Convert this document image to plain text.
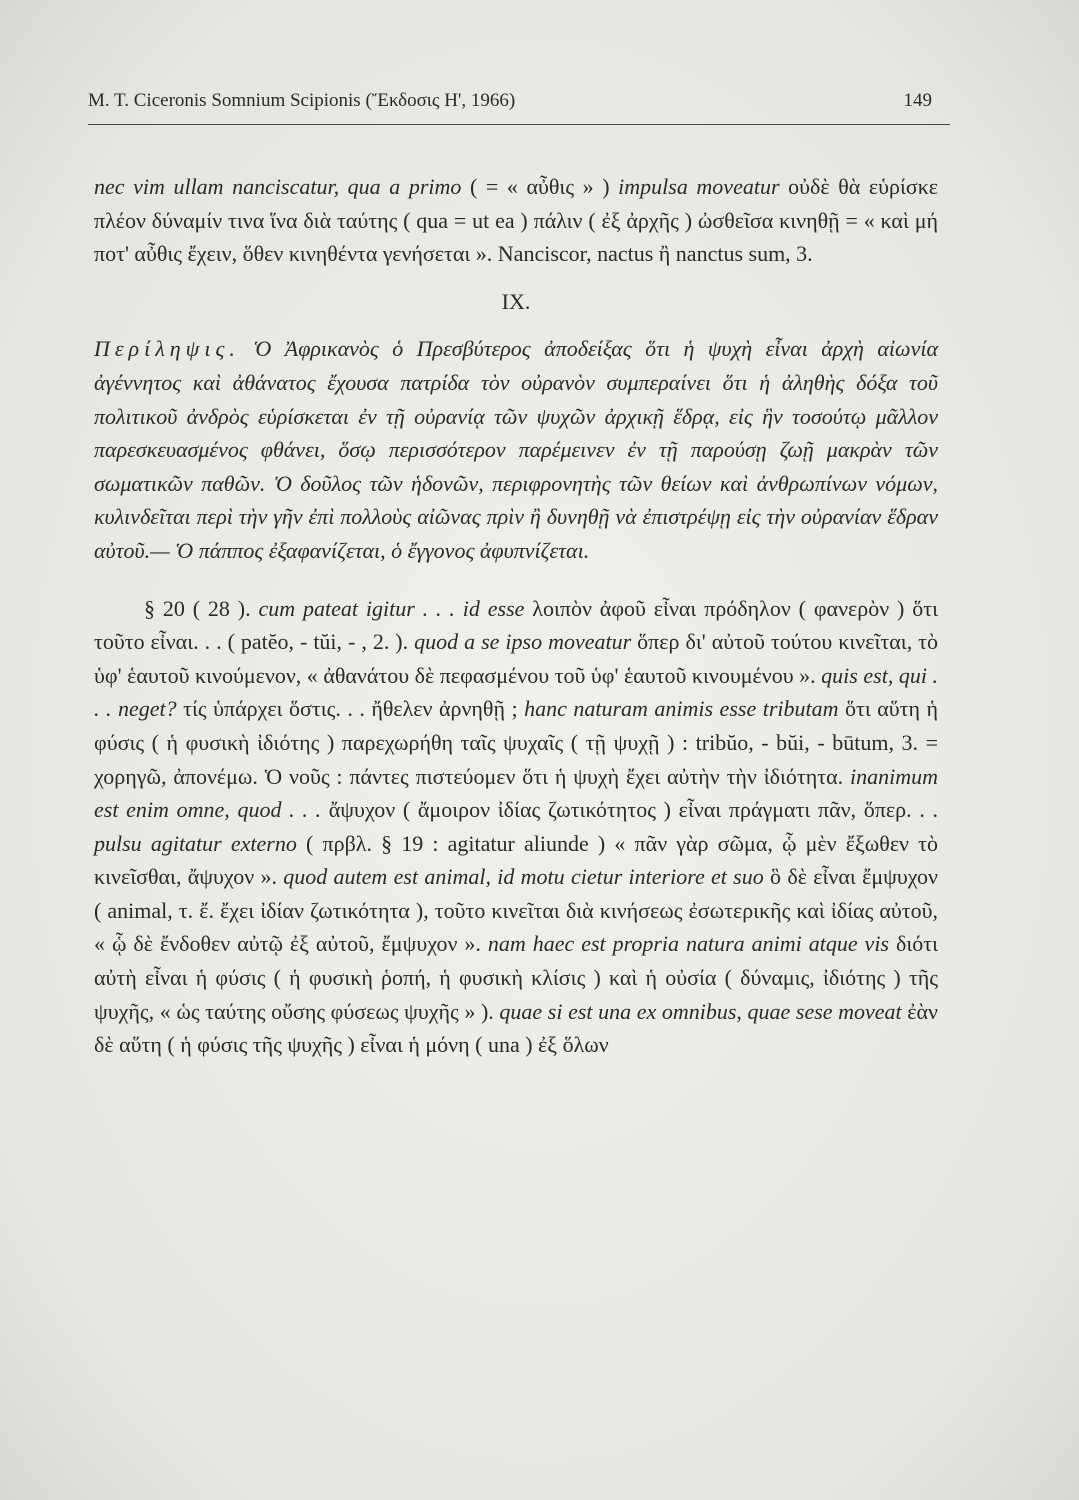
M. T. Ciceronis Somnium Scipionis (Ἔκδοσις Η', 1966)	149

nec vim ullam nanciscatur, qua a primo ( = « αὖθις » ) impulsa moveatur οὐδὲ θὰ εὑρίσκε πλέον δύναμίν τινα ἵνα διὰ ταύτης ( qua = ut ea ) πάλιν ( ἐξ ἀρχῆς ) ὠσθεῖσα κινηθῇ = « καὶ μή ποτ' αὖθις ἔχειν, ὅθεν κινηθέντα γενήσεται ». Nanciscor, nactus ἢ nanctus sum, 3.

IX.

Περίληψις. Ὁ Ἀφρικανὸς ὁ Πρεσβύτερος ἀποδείξας ὅτι ἡ ψυχὴ εἶναι ἀρχὴ αἰωνία ἀγέννητος καὶ ἀθάνατος ἔχουσα πατρίδα τὸν οὐρανὸν συμπεραίνει ὅτι ἡ ἀληθὴς δόξα τοῦ πολιτικοῦ ἀνδρὸς εὑρίσκεται ἐν τῇ οὐρανίᾳ τῶν ψυχῶν ἀρχικῇ ἕδρᾳ, εἰς ἣν τοσούτῳ μᾶλλον παρεσκευασμένος φθάνει, ὅσῳ περισσότερον παρέμεινεν ἐν τῇ παρούσῃ ζωῇ μακρὰν τῶν σωματικῶν παθῶν. Ὁ δοῦλος τῶν ἡδονῶν, περιφρονητὴς τῶν θείων καὶ ἀνθρωπίνων νόμων, κυλινδεῖται περὶ τὴν γῆν ἐπὶ πολλοὺς αἰῶνας πρὶν ἢ δυνηθῇ νὰ ἐπιστρέψῃ εἰς τὴν οὐρανίαν ἕδραν αὐτοῦ.— Ὁ πάππος ἐξαφανίζεται, ὁ ἔγγονος ἀφυπνίζεται.

§ 20 ( 28 ). cum pateat igitur . . . id esse λοιπὸν ἀφοῦ εἶναι πρόδηλον ( φανερὸν ) ὅτι τοῦτο εἶναι. . . ( patĕo, - tŭi, - , 2. ). quod a se ipso moveatur ὅπερ δι' αὐτοῦ τούτου κινεῖται, τὸ ὑφ' ἑαυτοῦ κινούμενον, « ἀθανάτου δὲ πεφασμένου τοῦ ὑφ' ἑαυτοῦ κινουμένου ». quis est, qui . . . neget? τίς ὑπάρχει ὅστις. . . ἤθελεν ἀρνηθῇ ; hanc naturam animis esse tributam ὅτι αὕτη ἡ φύσις ( ἡ φυσικὴ ἰδιότης ) παρεχωρήθη ταῖς ψυχαῖς ( τῇ ψυχῇ ) : tribŭo, - bŭi, - būtum, 3. = χορηγῶ, ἀπονέμω. Ὁ νοῦς : πάντες πιστεύομεν ὅτι ἡ ψυχὴ ἔχει αὐτὴν τὴν ἰδιότητα. inanimum est enim omne, quod . . . ἄψυχον ( ἄμοιρον ἰδίας ζωτικότητος ) εἶναι πράγματι πᾶν, ὅπερ. . . pulsu agitatur externo ( πρβλ. § 19 : agitatur aliunde ) « πᾶν γὰρ σῶμα, ᾧ μὲν ἔξωθεν τὸ κινεῖσθαι, ἄψυχον ». quod autem est animal, id motu cietur interiore et suo ὃ δὲ εἶναι ἔμψυχον ( animal, τ. ἔ. ἔχει ἰδίαν ζωτικότητα ), τοῦτο κινεῖται διὰ κινήσεως ἐσωτερικῆς καὶ ἰδίας αὐτοῦ, « ᾧ δὲ ἔνδοθεν αὐτῷ ἐξ αὐτοῦ, ἔμψυχον ». nam haec est propria natura animi atque vis διότι αὐτὴ εἶναι ἡ φύσις ( ἡ φυσικὴ ῥοπή, ἡ φυσικὴ κλίσις ) καὶ ἡ οὐσία ( δύναμις, ἰδιότης ) τῆς ψυχῆς, « ὡς ταύτης οὔσης φύσεως ψυχῆς » ). quae si est una ex omnibus, quae sese moveat ἐὰν δὲ αὕτη ( ἡ φύσις τῆς ψυχῆς ) εἶναι ἡ μόνη ( una ) ἐξ ὅλων
